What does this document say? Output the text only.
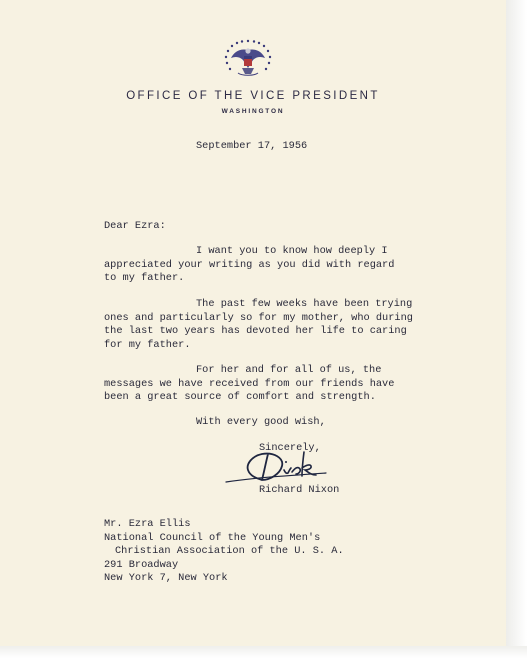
OFFICE OF THE VICE PRESIDENT
WASHINGTON
September 17, 1956
Dear Ezra:
I want you to know how deeply I
appreciated your writing as you did with regard
to my father.
The past few weeks have been trying
ones and particularly so for my mother, who during
the last two years has devoted her life to caring
for my father.
For her and for all of us, the
messages we have received from our friends have
been a great source of comfort and strength.
With every good wish,
Sincerely,
Richard Nixon
Mr. Ezra Ellis
National Council of the Young Men's
Christian Association of the U. S. A.
291 Broadway
New York 7, New York
